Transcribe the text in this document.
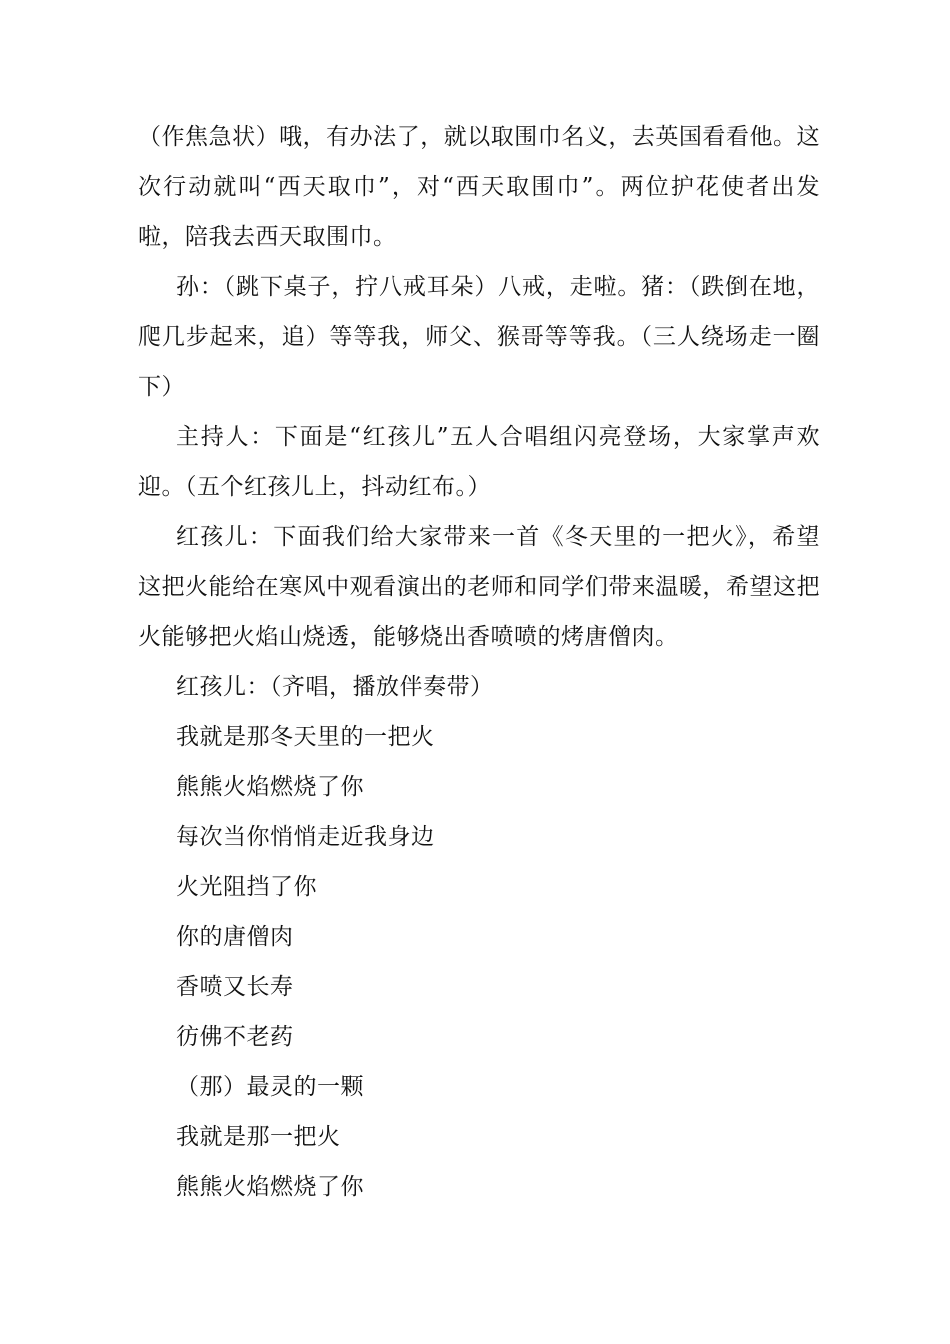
（作焦急状）哦，有办法了，就以取围巾名义，去英国看看他。这次行动就叫“西天取巾”，对“西天取围巾”。两位护花使者出发啦，陪我去西天取围巾。

孙：（跳下桌子，拧八戒耳朵）八戒，走啦。猪：（跌倒在地，爬几步起来，追）等等我，师父、猴哥等等我。（三人绕场走一圈下）

主持人：下面是“红孩儿”五人合唱组闪亮登场，大家掌声欢迎。（五个红孩儿上，抖动红布。）

红孩儿：下面我们给大家带来一首《冬天里的一把火》，希望这把火能给在寒风中观看演出的老师和同学们带来温暖，希望这把火能够把火焰山烧透，能够烧出香喷喷的烤唐僧肉。

红孩儿：（齐唱，播放伴奏带）

我就是那冬天里的一把火

熊熊火焰燃烧了你

每次当你悄悄走近我身边

火光阻挡了你

你的唐僧肉

香喷又长寿

彷佛不老药

（那）最灵的一颗

我就是那一把火

熊熊火焰燃烧了你
